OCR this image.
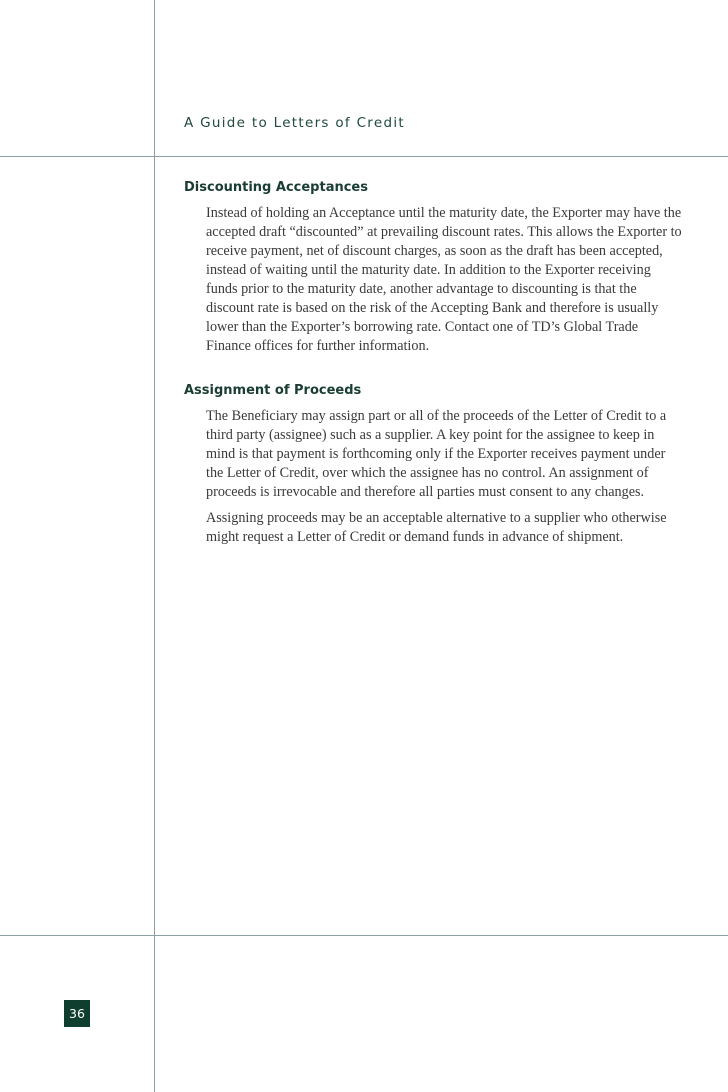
A Guide to Letters of Credit
Discounting Acceptances

Instead of holding an Acceptance until the maturity date, the Exporter may have the accepted draft “discounted” at prevailing discount rates. This allows the Exporter to receive payment, net of discount charges, as soon as the draft has been accepted, instead of waiting until the maturity date. In addition to the Exporter receiving funds prior to the maturity date, another advantage to discounting is that the discount rate is based on the risk of the Accepting Bank and therefore is usually lower than the Exporter’s borrowing rate. Contact one of TD’s Global Trade Finance offices for further information.

Assignment of Proceeds

The Beneficiary may assign part or all of the proceeds of the Letter of Credit to a third party (assignee) such as a supplier. A key point for the assignee to keep in mind is that payment is forthcoming only if the Exporter receives payment under the Letter of Credit, over which the assignee has no control. An assignment of proceeds is irrevocable and therefore all parties must consent to any changes.

Assigning proceeds may be an acceptable alternative to a supplier who otherwise might request a Letter of Credit or demand funds in advance of shipment.

36
